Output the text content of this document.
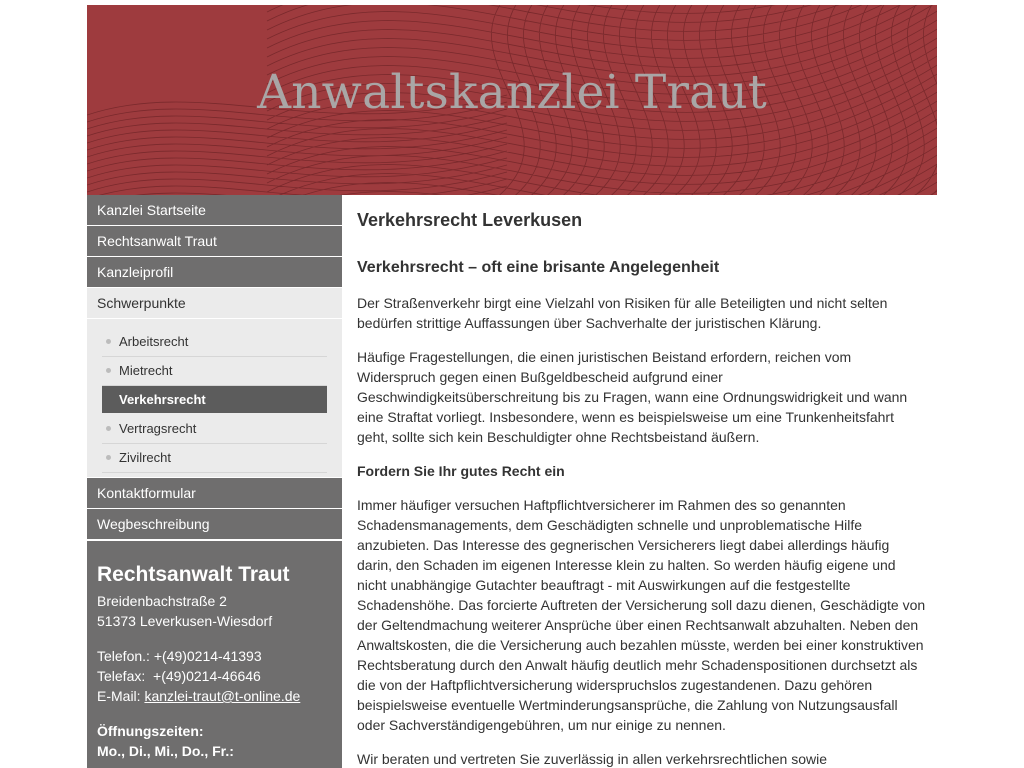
Anwaltskanzlei Traut
Kanzlei Startseite
Rechtsanwalt Traut
Kanzleiprofil
Schwerpunkte
Arbeitsrecht
Mietrecht
Verkehrsrecht
Vertragsrecht
Zivilrecht
Kontaktformular
Wegbeschreibung
Rechtsanwalt Traut
Breidenbachstraße 2
51373 Leverkusen-Wiesdorf
Telefon.: +(49)0214-41393
Telefax:  +(49)0214-46646
E-Mail: kanzlei-traut@t-online.de
Öffnungszeiten:
Mo., Di., Mi., Do., Fr.:
Verkehrsrecht Leverkusen
Verkehrsrecht – oft eine brisante Angelegenheit

Der Straßenverkehr birgt eine Vielzahl von Risiken für alle Beteiligten und nicht selten bedürfen strittige Auffassungen über Sachverhalte der juristischen Klärung.

Häufige Fragestellungen, die einen juristischen Beistand erfordern, reichen vom Widerspruch gegen einen Bußgeldbescheid aufgrund einer Geschwindigkeitsüberschreitung bis zu Fragen, wann eine Ordnungswidrigkeit und wann eine Straftat vorliegt. Insbesondere, wenn es beispielsweise um eine Trunkenheitsfahrt geht, sollte sich kein Beschuldigter ohne Rechtsbeistand äußern.

Fordern Sie Ihr gutes Recht ein

Immer häufiger versuchen Haftpflichtversicherer im Rahmen des so genannten Schadensmanagements, dem Geschädigten schnelle und unproblematische Hilfe anzubieten. Das Interesse des gegnerischen Versicherers liegt dabei allerdings häufig darin, den Schaden im eigenen Interesse klein zu halten. So werden häufig eigene und nicht unabhängige Gutachter beauftragt - mit Auswirkungen auf die festgestellte Schadenshöhe. Das forcierte Auftreten der Versicherung soll dazu dienen, Geschädigte von der Geltendmachung weiterer Ansprüche über einen Rechtsanwalt abzuhalten. Neben den Anwaltskosten, die die Versicherung auch bezahlen müsste, werden bei einer konstruktiven Rechtsberatung durch den Anwalt häufig deutlich mehr Schadenspositionen durchsetzt als die von der Haftpflichtversicherung widerspruchslos zugestandenen. Dazu gehören beispielsweise eventuelle Wertminderungsansprüche, die Zahlung von Nutzungsausfall oder Sachverständigengebühren, um nur einige zu nennen.

Wir beraten und vertreten Sie zuverlässig in allen verkehrsrechtlichen sowie
